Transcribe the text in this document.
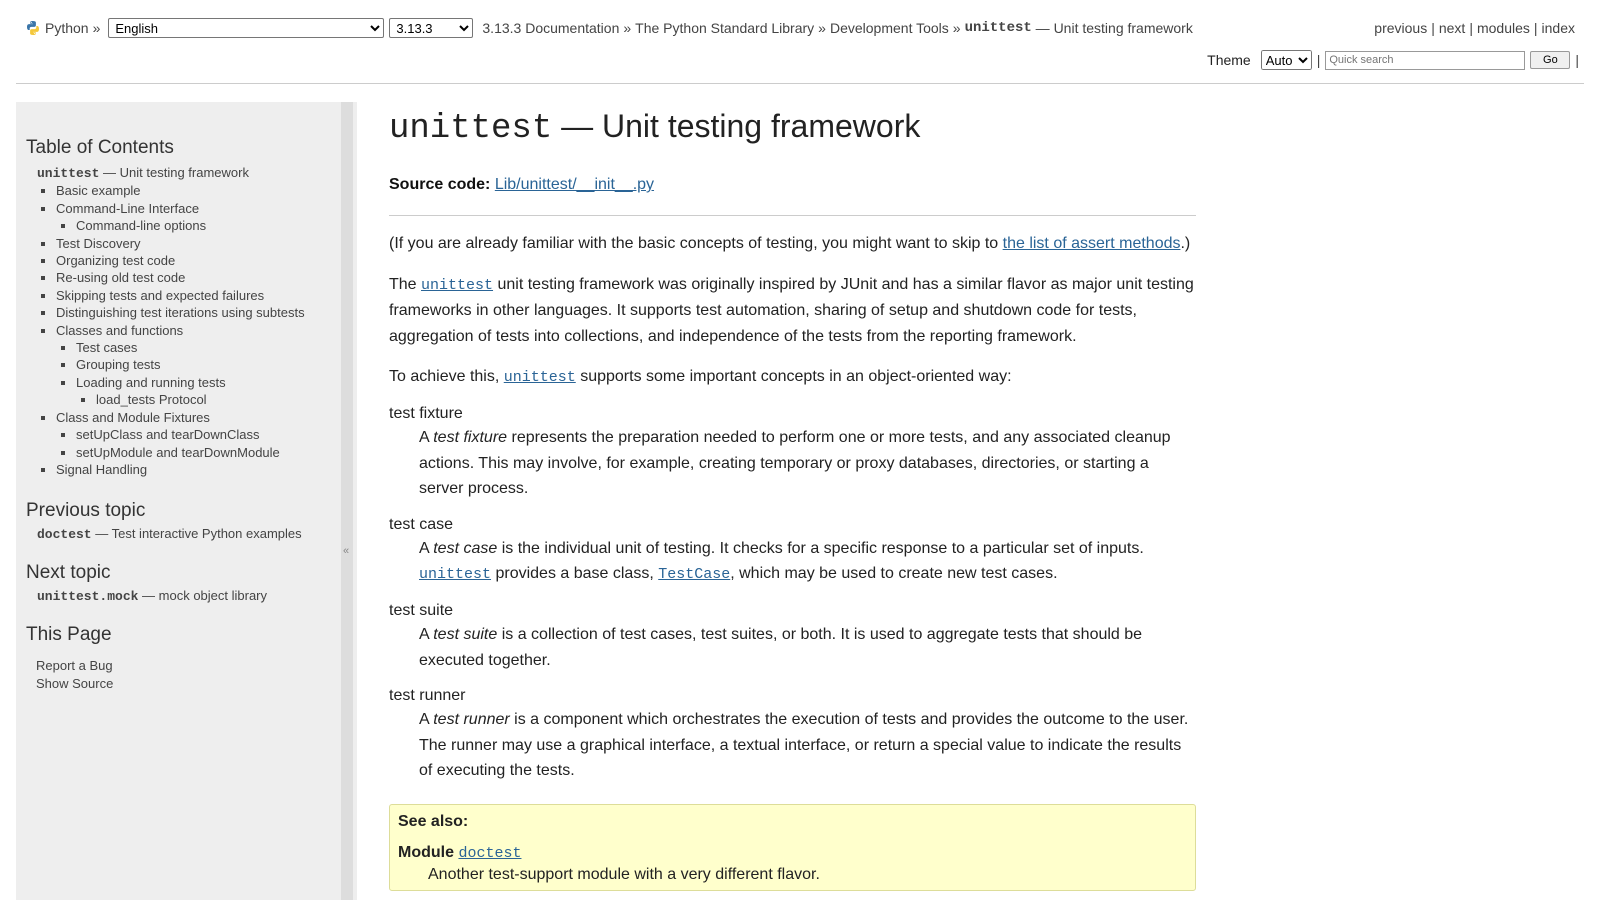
Python »
English
3.13.3	3.13.3 Documentation » The Python Standard Library » Development Tools » unittest — Unit testing framework	previous | next | modules | index
Theme
Auto	|
Quick search	Go	|
Table of Contents
unittest — Unit testing framework
▪ Basic example
▪ Command-Line Interface
▪ Command-line options
▪ Test Discovery
▪ Organizing test code
▪ Re-using old test code
▪ Skipping tests and expected failures
▪ Distinguishing test iterations using subtests
▪ Classes and functions
▪ Test cases
▪ Grouping tests
▪ Loading and running tests
▪ load_tests Protocol
▪ Class and Module Fixtures
▪ setUpClass and tearDownClass
▪ setUpModule and tearDownModule
▪ Signal Handling
Previous topic
doctest — Test interactive Python examples
Next topic
unittest.mock — mock object library
This Page
Report a Bug
Show Source
«
unittest — Unit testing framework
Source code: Lib/unittest/__init__.py

(If you are already familiar with the basic concepts of testing, you might want to skip to the list of assert methods.)

The unittest unit testing framework was originally inspired by JUnit and has a similar flavor as major unit testing frameworks in other languages. It supports test automation, sharing of setup and shutdown code for tests, aggregation of tests into collections, and independence of the tests from the reporting framework.

To achieve this, unittest supports some important concepts in an object-oriented way:

test fixture
A test fixture represents the preparation needed to perform one or more tests, and any associated cleanup actions. This may involve, for example, creating temporary or proxy databases, directories, or starting a server process.
test case
A test case is the individual unit of testing. It checks for a specific response to a particular set of inputs. unittest provides a base class, TestCase, which may be used to create new test cases.
test suite
A test suite is a collection of test cases, test suites, or both. It is used to aggregate tests that should be executed together.
test runner
A test runner is a component which orchestrates the execution of tests and provides the outcome to the user. The runner may use a graphical interface, a textual interface, or return a special value to indicate the results of executing the tests.
See also:
Module doctest
Another test-support module with a very different flavor.
